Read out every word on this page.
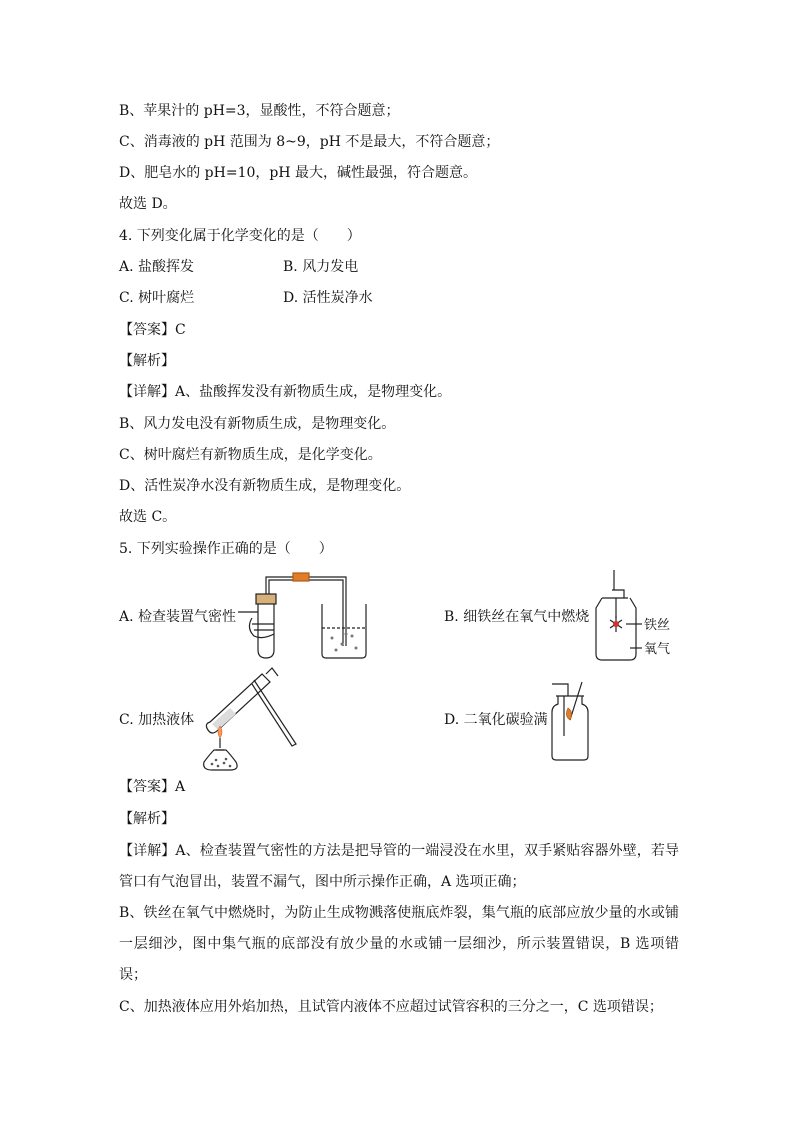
B、苹果汁的 pH=3，显酸性，不符合题意；
C、消毒液的 pH 范围为 8~9，pH 不是最大，不符合题意；
D、肥皂水的 pH=10，pH 最大，碱性最强，符合题意。
故选 D。
4. 下列变化属于化学变化的是（　　）
A. 盐酸挥发	B. 风力发电
C. 树叶腐烂	D. 活性炭净水
【答案】C
【解析】
【详解】A、盐酸挥发没有新物质生成，是物理变化。
B、风力发电没有新物质生成，是物理变化。
C、树叶腐烂有新物质生成，是化学变化。
D、活性炭净水没有新物质生成，是物理变化。
故选 C。
5. 下列实验操作正确的是（　　）
A. 检查装置气密性	B. 细铁丝在氧气中燃烧
C. 加热液体	D. 二氧化碳验满
铁丝
氧气
【答案】A
【解析】
【详解】A、检查装置气密性的方法是把导管的一端浸没在水里，双手紧贴容器外壁，若导管口有气泡冒出，装置不漏气，图中所示操作正确，A 选项正确；
B、铁丝在氧气中燃烧时，为防止生成物溅落使瓶底炸裂，集气瓶的底部应放少量的水或铺一层细沙，图中集气瓶的底部没有放少量的水或铺一层细沙，所示装置错误，B 选项错误；
C、加热液体应用外焰加热，且试管内液体不应超过试管容积的三分之一，C 选项错误；
